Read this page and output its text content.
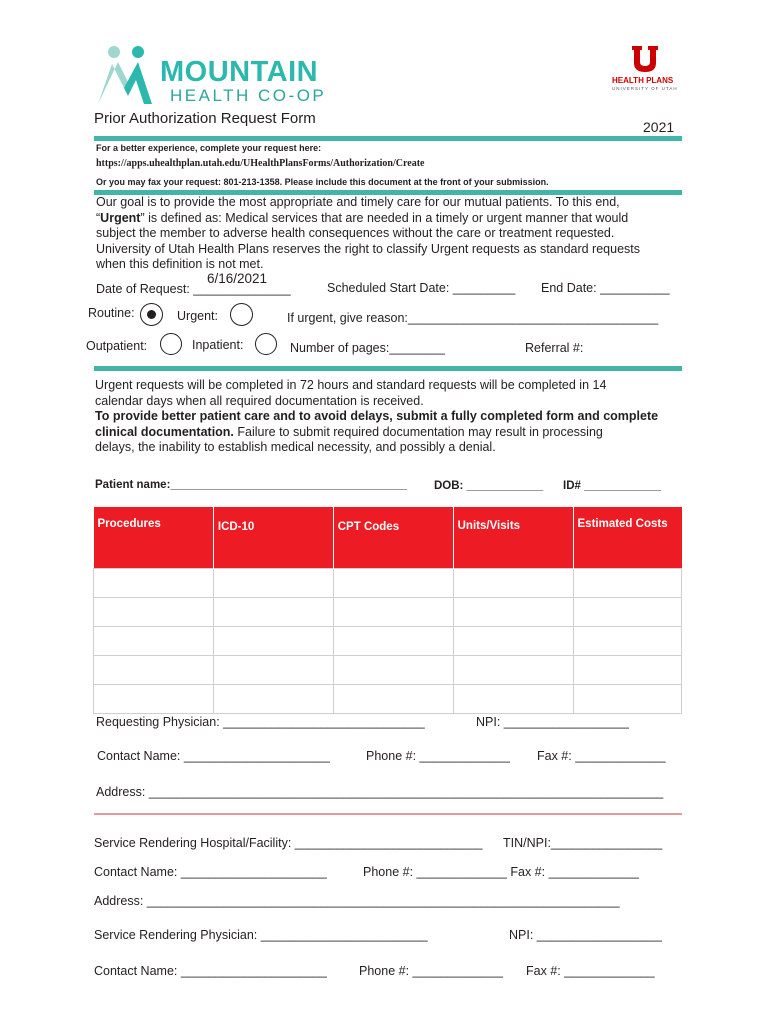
MOUNTAIN
HEALTH CO-OP
HEALTH PLANS
UNIVERSITY OF UTAH
Prior Authorization Request Form	2021
For a better experience, complete your request here:
https://apps.uhealthplan.utah.edu/UHealthPlansForms/Authorization/Create
Or you may fax your request: 801-213-1358. Please include this document at the front of your submission.
Our goal is to provide the most appropriate and timely care for our mutual patients. To this end,
“Urgent” is defined as: Medical services that are needed in a timely or urgent manner that would
subject the member to adverse health consequences without the care or treatment requested.
University of Utah Health Plans reserves the right to classify Urgent requests as standard requests
when this definition is not met.
6/16/2021
Date of Request: ______________	Scheduled Start Date: _________ End Date: __________
Routine:	Urgent:	If urgent, give reason:____________________________________
Outpatient:	Inpatient:	Number of pages:________	Referral #:
Urgent requests will be completed in 72 hours and standard requests will be completed in 14
calendar days when all required documentation is received.
To provide better patient care and to avoid delays, submit a fully completed form and complete
clinical documentation. Failure to submit required documentation may result in processing
delays, the inability to establish medical necessity, and possibly a denial.
Patient name:_____________________________________ DOB: ____________ ID# ____________
Procedures	ICD-10	CPT Codes	Units/Visits	Estimated Costs

Requesting Physician: _____________________________	NPI: __________________
Contact Name: _____________________	Phone #: _____________ Fax #: _____________
Address: __________________________________________________________________________
Service Rendering Hospital/Facility: ___________________________ TIN/NPI:________________
Contact Name: _____________________	Phone #: _____________ Fax #: _____________
Address: ____________________________________________________________________
Service Rendering Physician: ________________________	NPI: __________________
Contact Name: _____________________	Phone #: _____________ Fax #: _____________
